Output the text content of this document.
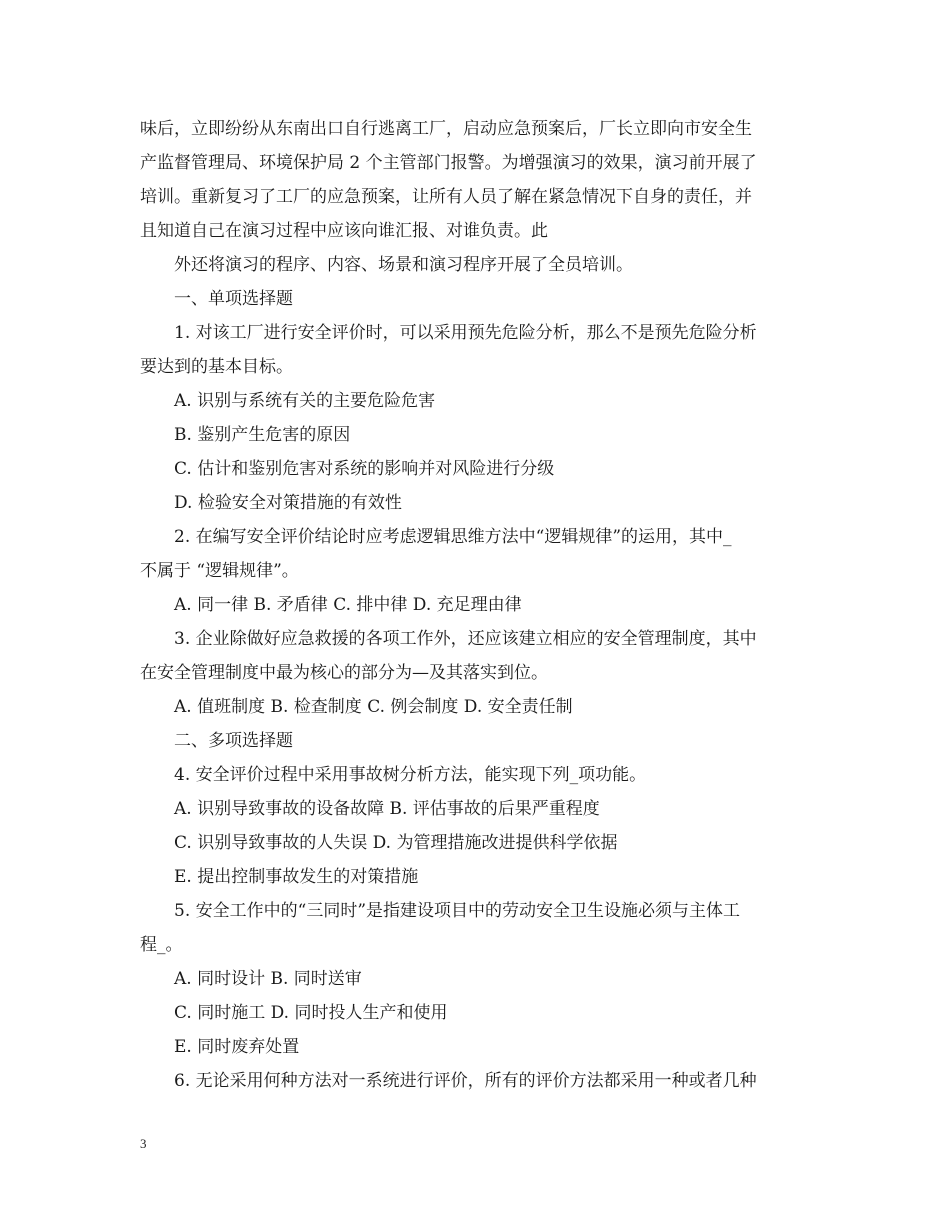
味后，立即纷纷从东南出口自行逃离工厂，启动应急预案后，厂长立即向市安全生

产监督管理局、环境保护局 2 个主管部门报警。为增强演习的效果，演习前开展了

培训。重新复习了工厂的应急预案，让所有人员了解在紧急情况下自身的责任，并

且知道自己在演习过程中应该向谁汇报、对谁负责。此

外还将演习的程序、内容、场景和演习程序开展了全员培训。

一、单项选择题

1. 对该工厂进行安全评价时，可以采用预先危险分析，那么不是预先危险分析

要达到的基本目标。

A. 识别与系统有关的主要危险危害

B. 鉴别产生危害的原因

C. 估计和鉴别危害对系统的影响并对风险进行分级

D. 检验安全对策措施的有效性

2. 在编写安全评价结论时应考虑逻辑思维方法中“逻辑规律”的运用，其中_

不属于 “逻辑规律”。

A. 同一律 B. 矛盾律 C. 排中律 D. 充足理由律

3. 企业除做好应急救援的各项工作外，还应该建立相应的安全管理制度，其中

在安全管理制度中最为核心的部分为—及其落实到位。

A. 值班制度 B. 检查制度 C. 例会制度 D. 安全责任制

二、多项选择题

4. 安全评价过程中采用事故树分析方法，能实现下列_项功能。

A. 识别导致事故的设备故障 B. 评估事故的后果严重程度

C. 识别导致事故的人失误 D. 为管理措施改进提供科学依据

E. 提出控制事故发生的对策措施

5. 安全工作中的“三同时”是指建设项目中的劳动安全卫生设施必须与主体工

程_。

A. 同时设计 B. 同时送审

C. 同时施工 D. 同时投人生产和使用

E. 同时废弃处置

6. 无论采用何种方法对一系统进行评价，所有的评价方法都采用一种或者几种

3
